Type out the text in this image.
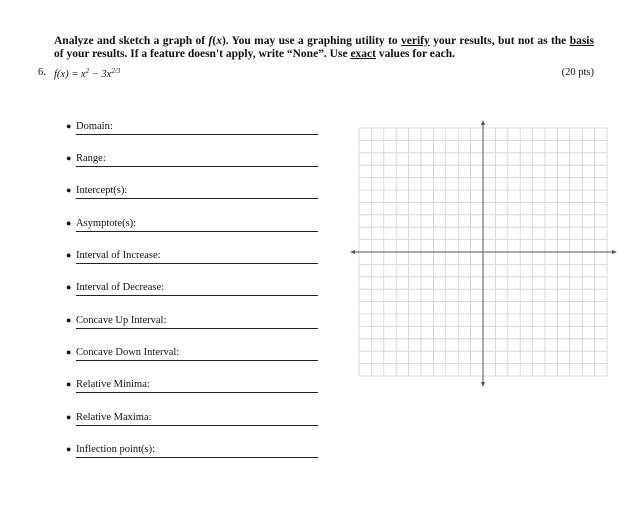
Analyze and sketch a graph of f(x). You may use a graphing utility to verify your results, but not as the basis of your results. If a feature doesn't apply, write “None”. Use exact values for each.
6. $f(x) = x^2 - 3x^{2/3}$	(20 pts)
● Domain:
● Range:
● Intercept(s):
● Asymptote(s):
● Interval of Increase:
● Interval of Decrease:
● Concave Up Interval:
● Concave Down Interval:
● Relative Minima:
● Relative Maxima:
● Inflection point(s):
